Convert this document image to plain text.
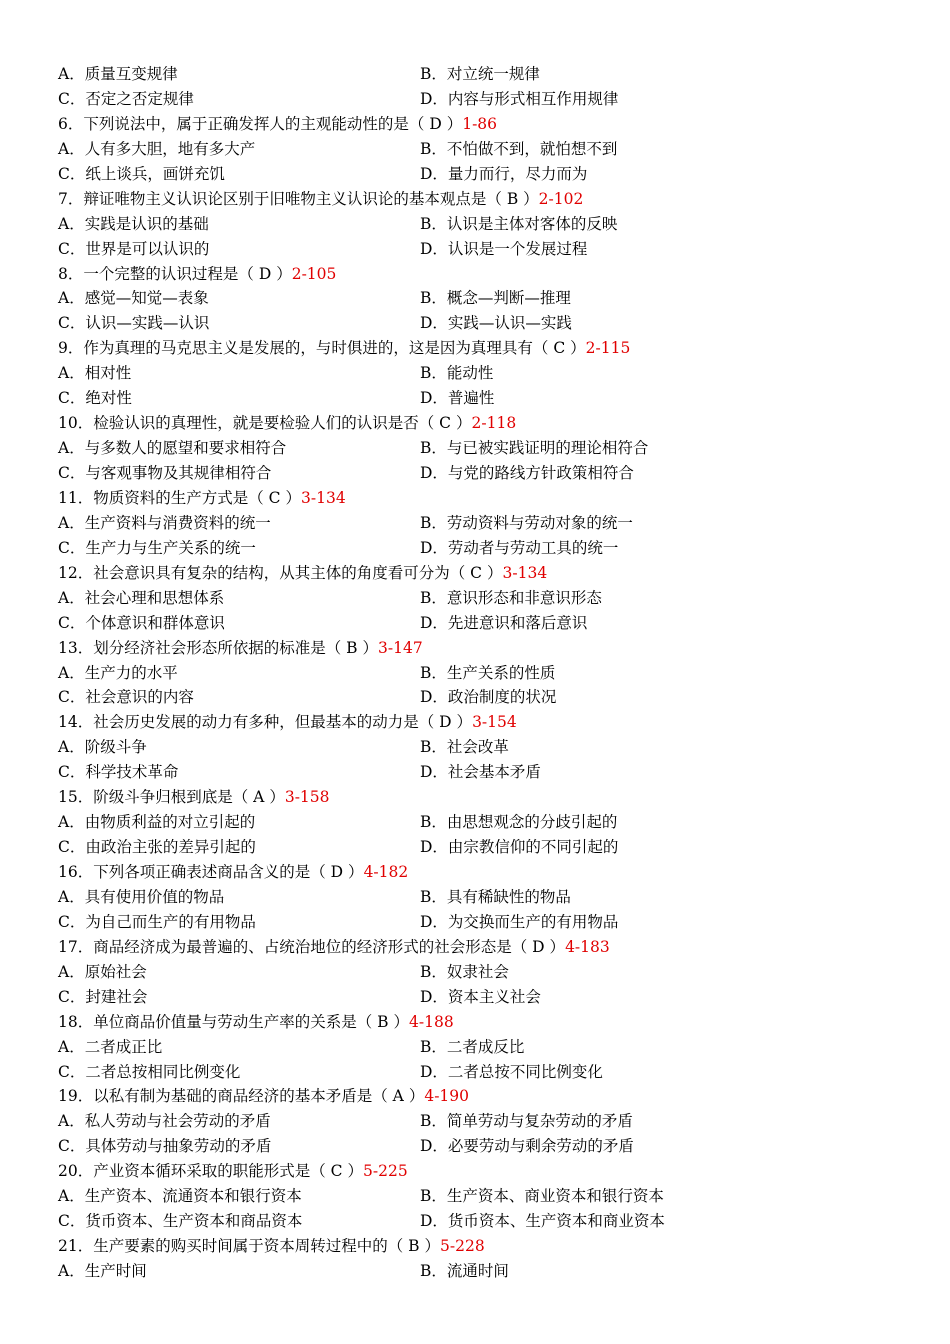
A．质量互变规律	B．对立统一规律
C．否定之否定规律	D．内容与形式相互作用规律
6．下列说法中，属于正确发挥人的主观能动性的是（ D ）1-86
A．人有多大胆，地有多大产	B．不怕做不到，就怕想不到
C．纸上谈兵，画饼充饥	D．量力而行，尽力而为
7．辩证唯物主义认识论区别于旧唯物主义认识论的基本观点是（ B ）2-102
A．实践是认识的基础	B．认识是主体对客体的反映
C．世界是可以认识的	D．认识是一个发展过程
8．一个完整的认识过程是（ D ）2-105
A．感觉—知觉—表象	B．概念—判断—推理
C．认识—实践—认识	D．实践—认识—实践
9．作为真理的马克思主义是发展的，与时俱进的，这是因为真理具有（ C ）2-115
A．相对性	B．能动性
C．绝对性	D．普遍性
10．检验认识的真理性，就是要检验人们的认识是否（ C ）2-118
A．与多数人的愿望和要求相符合	B．与已被实践证明的理论相符合
C．与客观事物及其规律相符合	D．与党的路线方针政策相符合
11．物质资料的生产方式是（ C ）3-134
A．生产资料与消费资料的统一	B．劳动资料与劳动对象的统一
C．生产力与生产关系的统一	D．劳动者与劳动工具的统一
12．社会意识具有复杂的结构，从其主体的角度看可分为（ C ）3-134
A．社会心理和思想体系	B．意识形态和非意识形态
C．个体意识和群体意识	D．先进意识和落后意识
13．划分经济社会形态所依据的标准是（ B ）3-147
A．生产力的水平	B．生产关系的性质
C．社会意识的内容	D．政治制度的状况
14．社会历史发展的动力有多种，但最基本的动力是（ D ）3-154
A．阶级斗争	B．社会改革
C．科学技术革命	D．社会基本矛盾
15．阶级斗争归根到底是（ A ）3-158
A．由物质利益的对立引起的	B．由思想观念的分歧引起的
C．由政治主张的差异引起的	D．由宗教信仰的不同引起的
16．下列各项正确表述商品含义的是（ D ）4-182
A．具有使用价值的物品	B．具有稀缺性的物品
C．为自己而生产的有用物品	D．为交换而生产的有用物品
17．商品经济成为最普遍的、占统治地位的经济形式的社会形态是（ D ）4-183
A．原始社会	B．奴隶社会
C．封建社会	D．资本主义社会
18．单位商品价值量与劳动生产率的关系是（ B ）4-188
A．二者成正比	B．二者成反比
C．二者总按相同比例变化	D．二者总按不同比例变化
19．以私有制为基础的商品经济的基本矛盾是（ A ）4-190
A．私人劳动与社会劳动的矛盾	B．简单劳动与复杂劳动的矛盾
C．具体劳动与抽象劳动的矛盾	D．必要劳动与剩余劳动的矛盾
20．产业资本循环采取的职能形式是（ C ）5-225
A．生产资本、流通资本和银行资本	B．生产资本、商业资本和银行资本
C．货币资本、生产资本和商品资本	D．货币资本、生产资本和商业资本
21．生产要素的购买时间属于资本周转过程中的（ B ）5-228
A．生产时间	B．流通时间
